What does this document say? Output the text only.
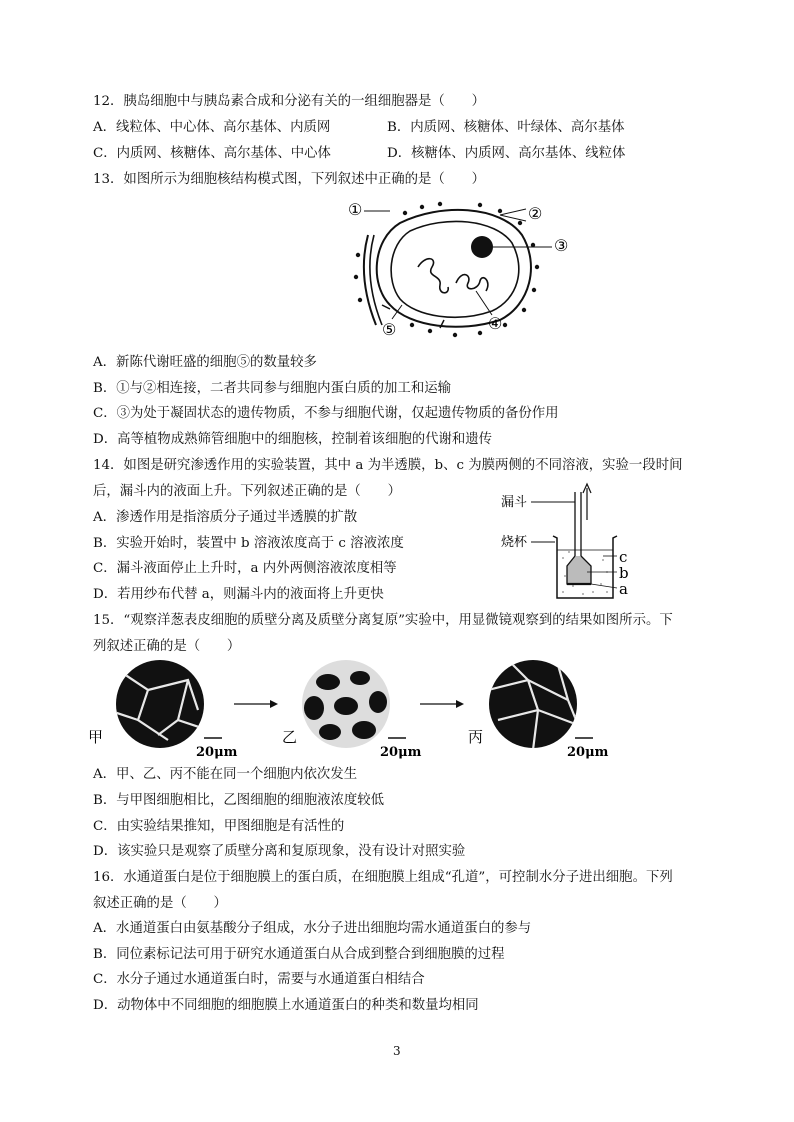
12．胰岛细胞中与胰岛素合成和分泌有关的一组细胞器是（　　）
A．线粒体、中心体、高尔基体、内质网	B．内质网、核糖体、叶绿体、高尔基体
C．内质网、核糖体、高尔基体、中心体	D．核糖体、内质网、高尔基体、线粒体
13．如图所示为细胞核结构模式图，下列叙述中正确的是（　　）
①	②
③
④
⑤
A．新陈代谢旺盛的细胞⑤的数量较多
B．①与②相连接，二者共同参与细胞内蛋白质的加工和运输
C．③为处于凝固状态的遗传物质，不参与细胞代谢，仅起遗传物质的备份作用
D．高等植物成熟筛管细胞中的细胞核，控制着该细胞的代谢和遗传
14．如图是研究渗透作用的实验装置，其中 a 为半透膜，b、c 为膜两侧的不同溶液，实验一段时间
后，漏斗内的液面上升。下列叙述正确的是（　　）
A．渗透作用是指溶质分子通过半透膜的扩散
B．实验开始时，装置中 b 溶液浓度高于 c 溶液浓度
C．漏斗液面停止上升时，a 内外两侧溶液浓度相等
D．若用纱布代替 a，则漏斗内的液面将上升更快
漏斗
烧杯
c
b
a
15．“观察洋葱表皮细胞的质壁分离及质壁分离复原”实验中，用显微镜观察到的结果如图所示。下
列叙述正确的是（　　）
甲
20μm
乙
20μm
丙
20μm
A．甲、乙、丙不能在同一个细胞内依次发生
B．与甲图细胞相比，乙图细胞的细胞液浓度较低
C．由实验结果推知，甲图细胞是有活性的
D．该实验只是观察了质壁分离和复原现象，没有设计对照实验
16．水通道蛋白是位于细胞膜上的蛋白质，在细胞膜上组成“孔道”，可控制水分子进出细胞。下列
叙述正确的是（　　）
A．水通道蛋白由氨基酸分子组成，水分子进出细胞均需水通道蛋白的参与
B．同位素标记法可用于研究水通道蛋白从合成到整合到细胞膜的过程
C．水分子通过水通道蛋白时，需要与水通道蛋白相结合
D．动物体中不同细胞的细胞膜上水通道蛋白的种类和数量均相同
3
